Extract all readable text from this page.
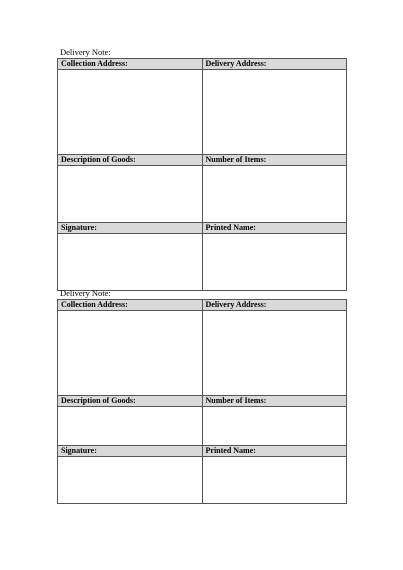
Delivery Note:
Collection Address:	Delivery Address:

Description of Goods:	Number of Items:

Signature:	Printed Name:

Delivery Note:
Collection Address:	Delivery Address:

Description of Goods:	Number of Items:

Signature:	Printed Name:
